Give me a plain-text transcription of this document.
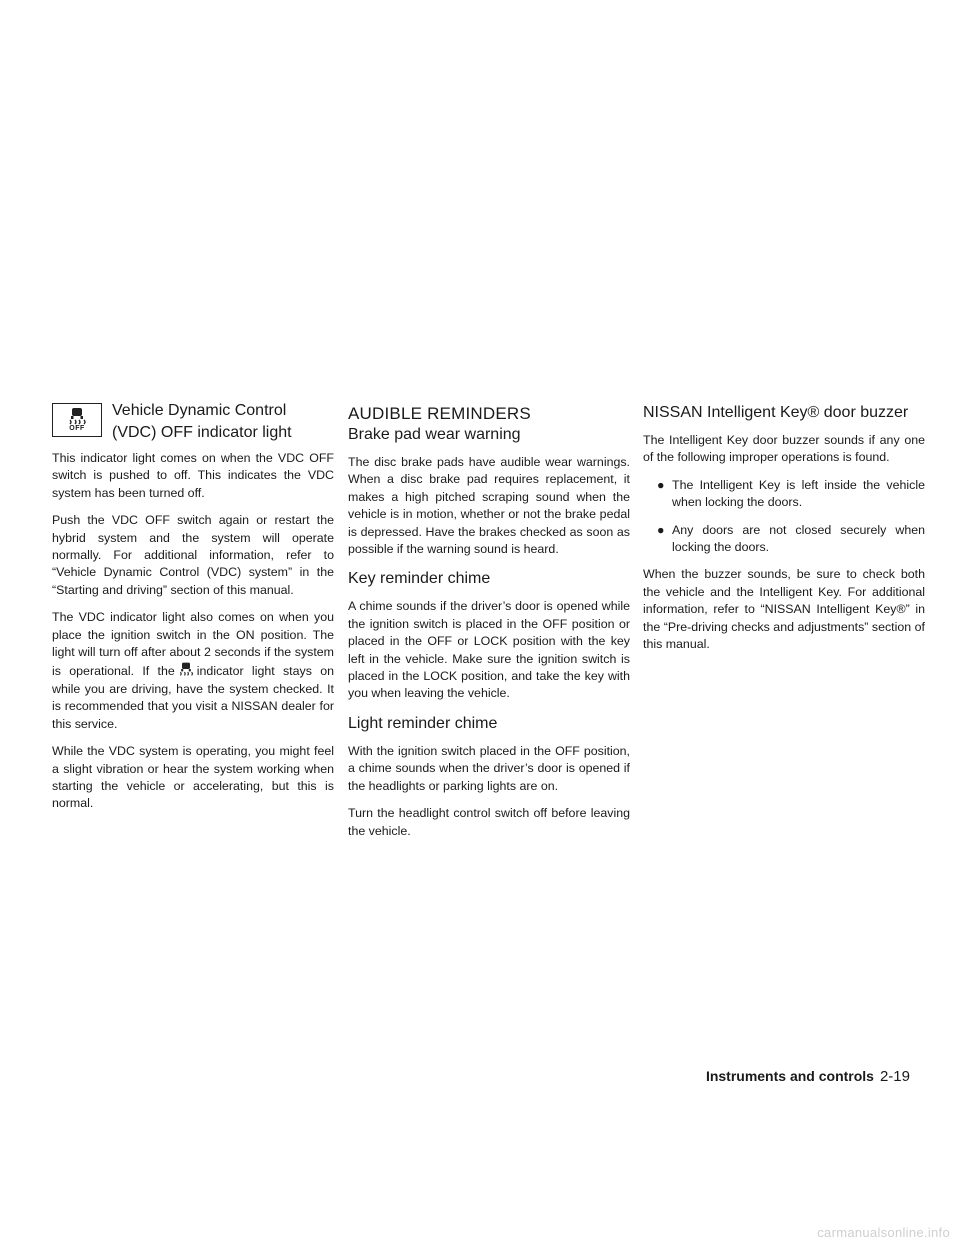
OFF
Vehicle Dynamic Control
(VDC) OFF indicator light

This indicator light comes on when the VDC OFF switch is pushed to off. This indicates the VDC system has been turned off.

Push the VDC OFF switch again or restart the hybrid system and the system will operate normally. For additional information, refer to “Vehicle Dynamic Control (VDC) system” in the “Starting and driving” section of this manual.

The VDC indicator light also comes on when you place the ignition switch in the ON position. The light will turn off after about 2 seconds if the system is operational. If the indicator light stays on while you are driving, have the system checked. It is recommended that you visit a NISSAN dealer for this service.

While the VDC system is operating, you might feel a slight vibration or hear the system working when starting the vehicle or accelerating, but this is normal.

AUDIBLE REMINDERS
Brake pad wear warning

The disc brake pads have audible wear warnings. When a disc brake pad requires replacement, it makes a high pitched scraping sound when the vehicle is in motion, whether or not the brake pedal is depressed. Have the brakes checked as soon as possible if the warning sound is heard.

Key reminder chime

A chime sounds if the driver’s door is opened while the ignition switch is placed in the OFF position or placed in the OFF or LOCK position with the key left in the vehicle. Make sure the ignition switch is placed in the LOCK position, and take the key with you when leaving the vehicle.

Light reminder chime

With the ignition switch placed in the OFF position, a chime sounds when the driver’s door is opened if the headlights or parking lights are on.

Turn the headlight control switch off before leaving the vehicle.

NISSAN Intelligent Key® door buzzer

The Intelligent Key door buzzer sounds if any one of the following improper operations is found.

● The Intelligent Key is left inside the vehicle when locking the doors.
● Any doors are not closed securely when locking the doors.

When the buzzer sounds, be sure to check both the vehicle and the Intelligent Key. For additional information, refer to “NISSAN Intelligent Key®” in the “Pre-driving checks and adjustments” section of this manual.

Instruments and controls 2-19
carmanualsonline.info
